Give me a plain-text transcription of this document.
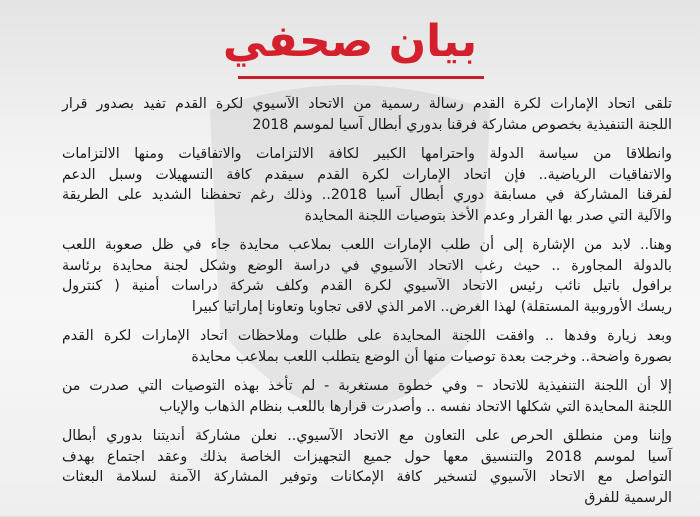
بيان صحفي
تلقى اتحاد الإمارات لكرة القدم رسالة رسمية من الاتحاد الآسيوي لكرة القدم تفيد بصدور قرار
اللجنة التنفيذية بخصوص مشاركة فرقنا بدوري أبطال آسيا لموسم 2018
وانطلاقا من سياسة الدولة واحترامها الكبير لكافة الالتزامات والاتفاقيات ومنها الالتزامات
والاتفاقيات الرياضية.. فإن اتحاد الإمارات لكرة القدم سيقدم كافة التسهيلات وسبل الدعم
لفرقنا المشاركة في مسابقة دوري أبطال آسيا 2018.. وذلك رغم تحفظنا الشديد على الطريقة
والآلية التي صدر بها القرار وعدم الأخذ بتوصيات اللجنة المحايدة
وهنا.. لابد من الإشارة إلى أن طلب الإمارات اللعب بملاعب محايدة جاء في ظل صعوبة اللعب
بالدولة المجاورة .. حيث رغب الاتحاد الآسيوي في دراسة الوضع وشكل لجنة محايدة برئاسة
برافول باتيل نائب رئيس الاتحاد الآسيوي لكرة القدم وكلف شركة دراسات أمنية ( كنترول
ريسك الأوروبية المستقلة) لهذا الغرض.. الامر الذي لاقى تجاوبا وتعاونا إماراتيا كبيرا
وبعد زيارة وفدها .. وافقت اللجنة المحايدة على طلبات وملاحظات اتحاد الإمارات لكرة القدم
بصورة واضحة.. وخرجت بعدة توصيات منها أن الوضع يتطلب اللعب بملاعب محايدة
إلا أن اللجنة التنفيذية للاتحاد – وفي خطوة مستغربة - لم تأخذ بهذه التوصيات التي صدرت من
اللجنة المحايدة التي شكلها الاتحاد نفسه .. وأصدرت قرارها باللعب بنظام الذهاب والإياب
وإننا ومن منطلق الحرص على التعاون مع الاتحاد الآسيوي.. نعلن مشاركة أنديتنا بدوري أبطال
آسيا لموسم 2018 والتنسيق معها حول جميع التجهيزات الخاصة بذلك وعقد اجتماع بهدف
التواصل مع الاتحاد الآسيوي لتسخير كافة الإمكانات وتوفير المشاركة الآمنة لسلامة البعثات
الرسمية للفرق
